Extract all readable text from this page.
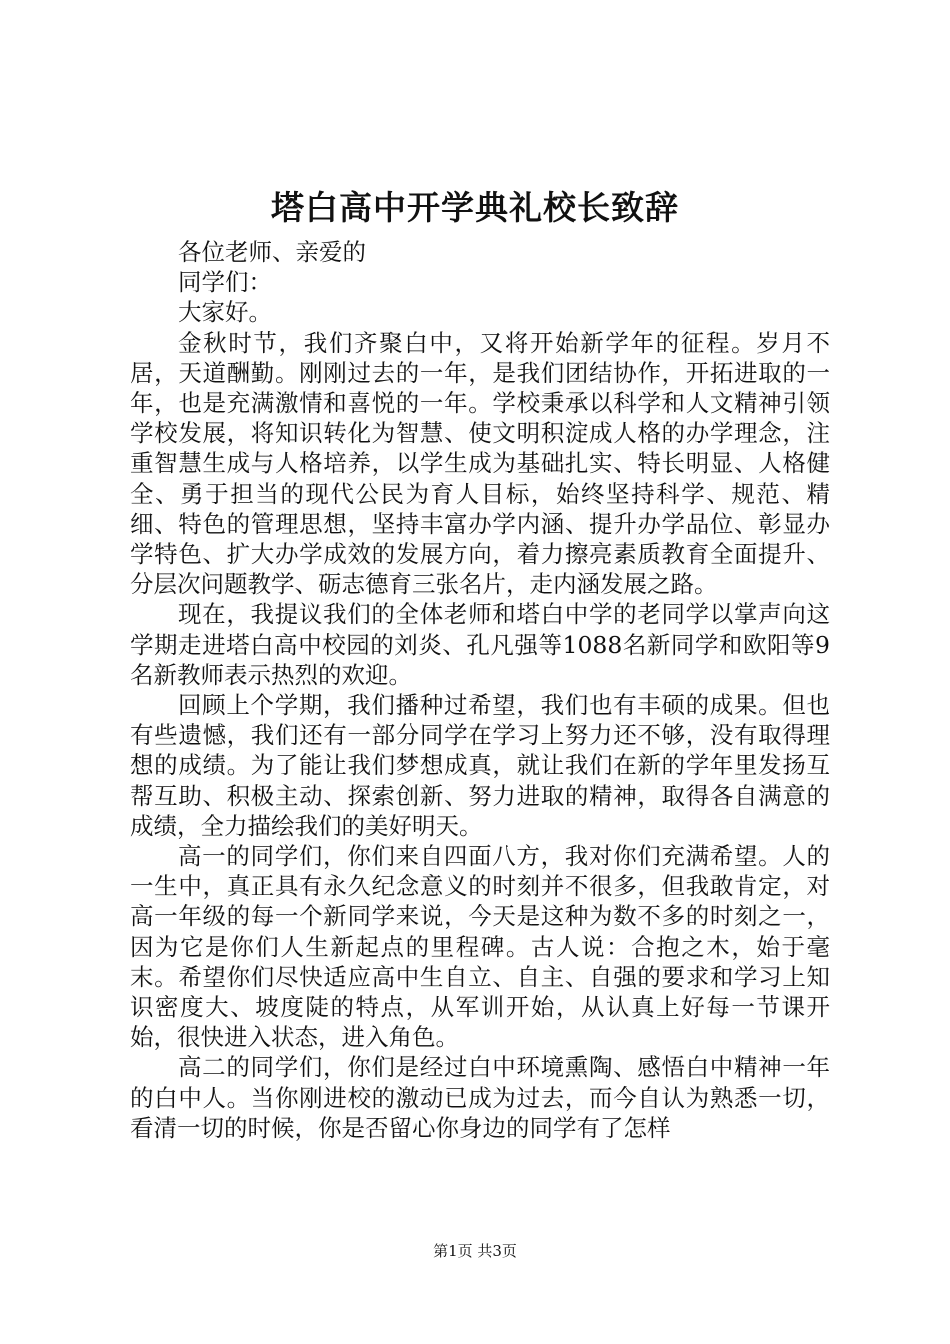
塔白高中开学典礼校长致辞

各位老师、亲爱的

同学们：

大家好。

金秋时节，我们齐聚白中，又将开始新学年的征程。岁月不居，天道酬勤。刚刚过去的一年，是我们团结协作，开拓进取的一年，也是充满激情和喜悦的一年。学校秉承以科学和人文精神引领学校发展，将知识转化为智慧、使文明积淀成人格的办学理念，注重智慧生成与人格培养，以学生成为基础扎实、特长明显、人格健全、勇于担当的现代公民为育人目标，始终坚持科学、规范、精细、特色的管理思想，坚持丰富办学内涵、提升办学品位、彰显办学特色、扩大办学成效的发展方向，着力擦亮素质教育全面提升、分层次问题教学、砺志德育三张名片，走内涵发展之路。

现在，我提议我们的全体老师和塔白中学的老同学以掌声向这学期走进塔白高中校园的刘炎、孔凡强等1088名新同学和欧阳等9名新教师表示热烈的欢迎。

回顾上个学期，我们播种过希望，我们也有丰硕的成果。但也有些遗憾，我们还有一部分同学在学习上努力还不够，没有取得理想的成绩。为了能让我们梦想成真，就让我们在新的学年里发扬互帮互助、积极主动、探索创新、努力进取的精神，取得各自满意的成绩，全力描绘我们的美好明天。

高一的同学们，你们来自四面八方，我对你们充满希望。人的一生中，真正具有永久纪念意义的时刻并不很多，但我敢肯定，对高一年级的每一个新同学来说，今天是这种为数不多的时刻之一，因为它是你们人生新起点的里程碑。古人说：合抱之木，始于毫末。希望你们尽快适应高中生自立、自主、自强的要求和学习上知识密度大、坡度陡的特点，从军训开始，从认真上好每一节课开始，很快进入状态，进入角色。

高二的同学们，你们是经过白中环境熏陶、感悟白中精神一年的白中人。当你刚进校的激动已成为过去，而今自认为熟悉一切，看清一切的时候，你是否留心你身边的同学有了怎样

第1页 共3页
